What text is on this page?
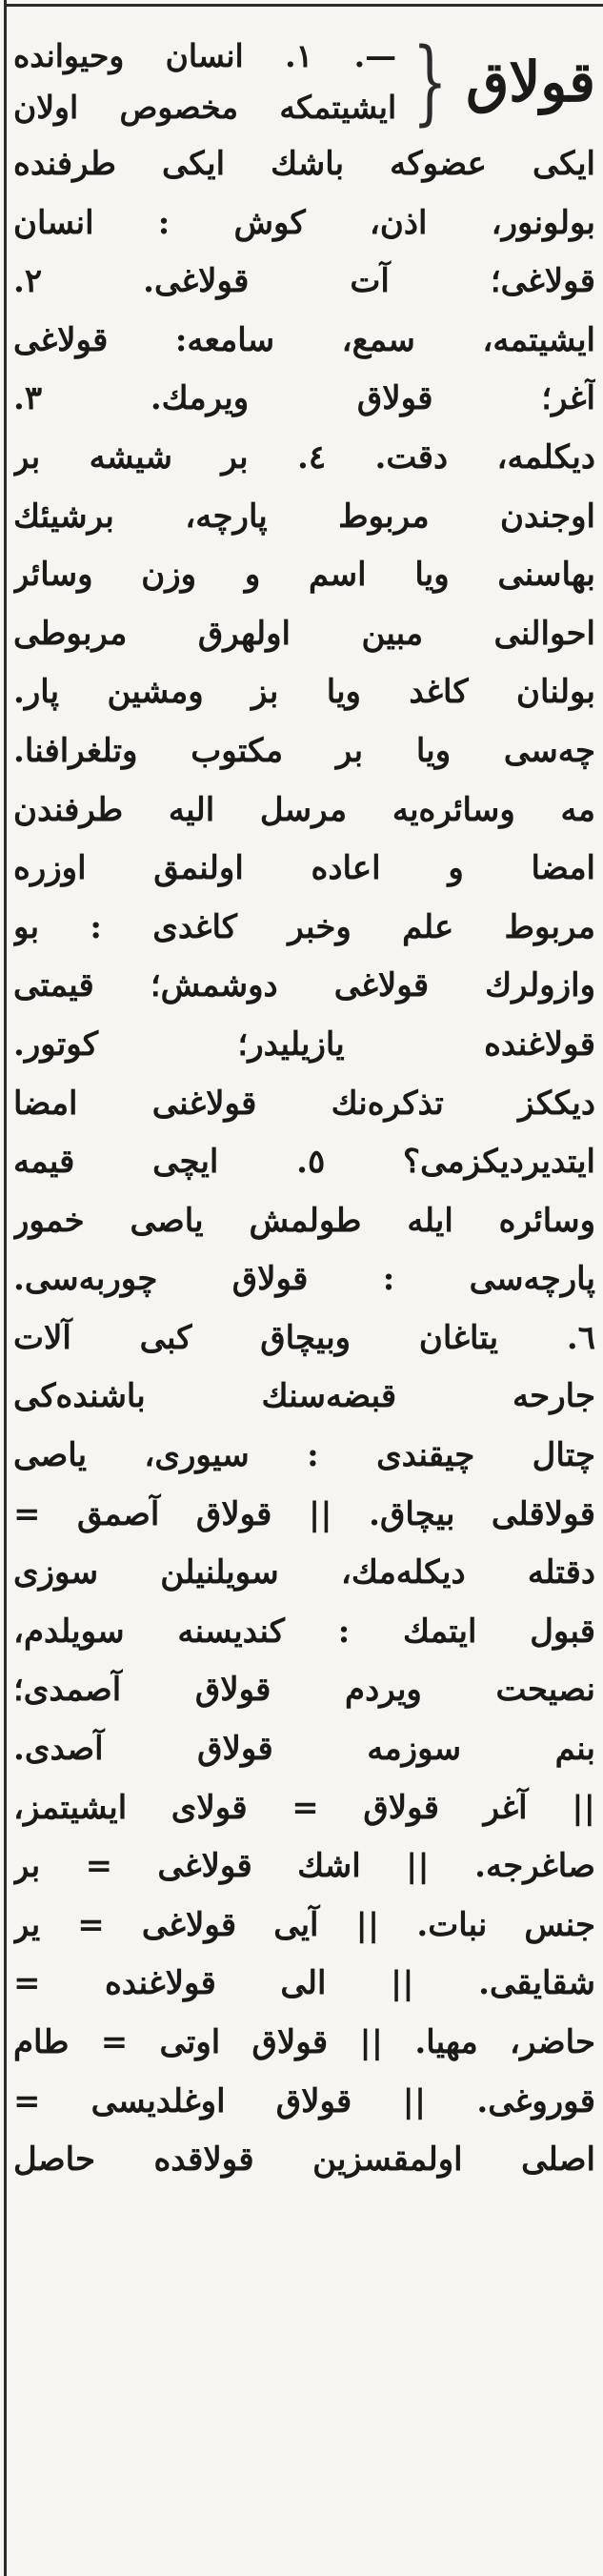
قولاق
{
—. ۱. انسان وحيوانده
ايشيتمكه مخصوص اولان
ايكى عضوكه باشك ايكى طرفنده
بولونور، اذن، كوش : انسان
قولاغى؛ آت قولاغى. ۲.
ايشيتمه، سمع، سامعه: قولاغى
آغر؛ قولاق ويرمك. ۳.
ديكلمه، دقت. ٤. بر شيشه بر
اوجندن مربوط پارچه، برشيئك
بهاسنى ويا اسم و وزن وسائر
احوالنى مبين اولهرق مربوطى
بولنان كاغد ويا بز ومشين پار.
چه‌سى ويا بر مكتوب وتلغرافنا.
مه وسائره‌يه مرسل اليه طرفندن
امضا و اعاده اولنمق اوزره
مربوط علم وخبر كاغدى : بو
وازولرك قولاغى دوشمش؛ قيمتى
قولاغنده يازيليدر؛ كوتور.
ديككز تذكره‌نك قولاغنى امضا
ايتديرديكزمى؟ ٥. ايچى قيمه
وسائره ايله طولمش ياصى خمور
پارچه‌سى : قولاق چوربه‌سى.
٦. يتاغان وبيچاق كبى آلات
جارحه قبضه‌سنك باشنده‌كى
چتال چيقندى : سيورى، ياصى
قولاقلى بيچاق. || قولاق آصمق =
دقتله ديكله‌مك، سويلنيلن سوزى
قبول ايتمك : كنديسنه سويلدم،
نصيحت ويردم قولاق آصمدى؛
بنم سوزمه قولاق آصدى.
|| آغر قولاق = قولاى ايشيتمز،
صاغرجه. || اشك قولاغى = بر
جنس نبات. || آيى قولاغى = ير
شقايقى. || الى قولاغنده =
حاضر، مهيا. || قولاق اوتى = طام
قوروغى. || قولاق اوغلديسى =
اصلى اولمقسزين قولاقده حاصل
